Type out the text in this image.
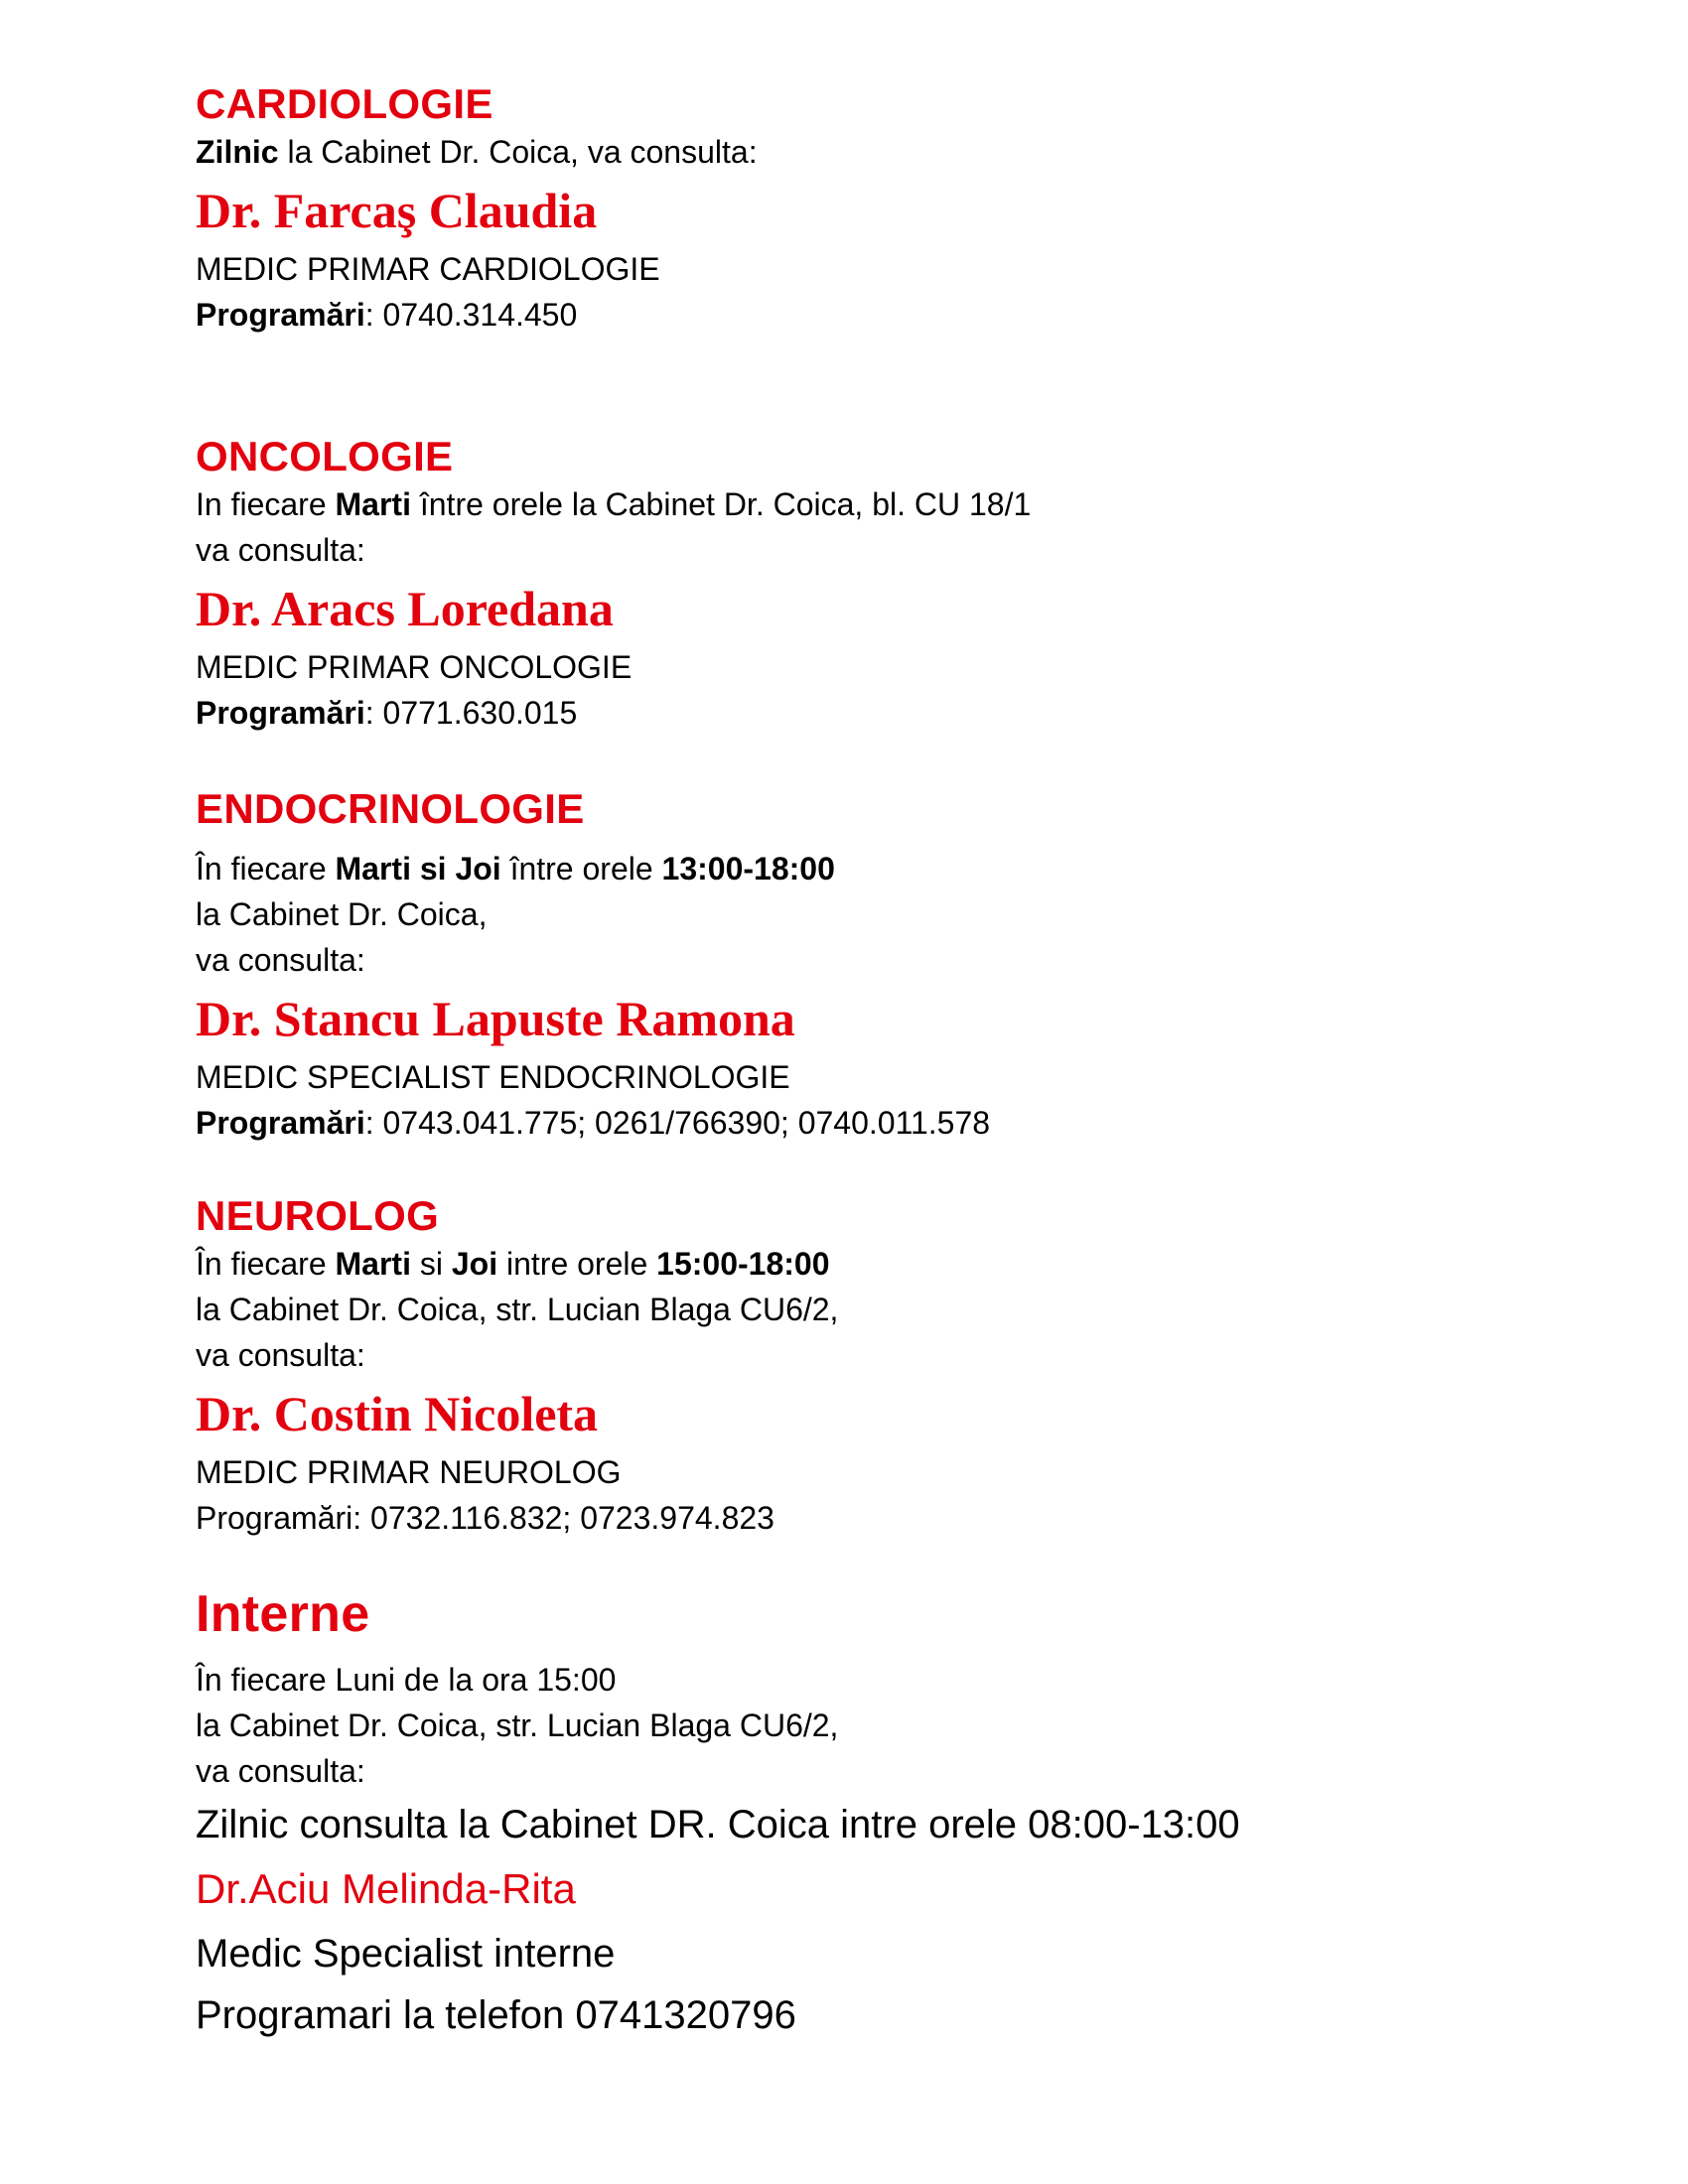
CARDIOLOGIE

Zilnic la Cabinet Dr. Coica, va consulta:

Dr. Farcaş Claudia

MEDIC PRIMAR CARDIOLOGIE

Programări: 0740.314.450

ONCOLOGIE

In fiecare Marti între orele la Cabinet Dr. Coica, bl. CU 18/1

va consulta:

Dr. Aracs Loredana

MEDIC PRIMAR ONCOLOGIE

Programări: 0771.630.015

ENDOCRINOLOGIE

În fiecare Marti si Joi între orele 13:00-18:00

la Cabinet Dr. Coica,

va consulta:

Dr. Stancu Lapuste Ramona

MEDIC SPECIALIST ENDOCRINOLOGIE

Programări: 0743.041.775; 0261/766390; 0740.011.578

NEUROLOG

În fiecare Marti si Joi intre orele 15:00-18:00

la Cabinet Dr. Coica, str. Lucian Blaga CU6/2,

va consulta:

Dr. Costin Nicoleta

MEDIC PRIMAR NEUROLOG

Programări: 0732.116.832; 0723.974.823

Interne

În fiecare Luni de la ora 15:00

la Cabinet Dr. Coica, str. Lucian Blaga CU6/2,

va consulta:

Zilnic consulta la Cabinet DR. Coica intre orele 08:00-13:00

Dr.Aciu Melinda-Rita

Medic Specialist interne

Programari la telefon 0741320796
